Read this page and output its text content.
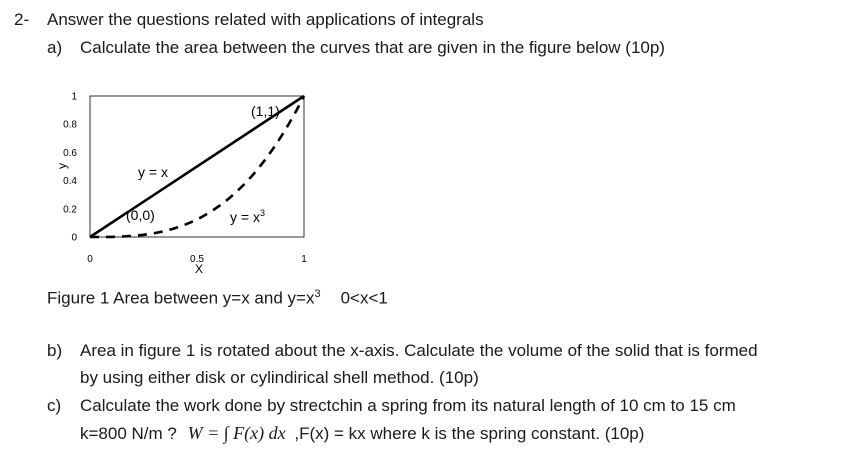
2- Answer the questions related with applications of integrals
a) Calculate the area between the curves that are given in the figure below (10p)
0
0.2
0.4
0.6
0.8
1
0	0.5	1
y
X
(1,1)
(0,0)
y = x
$y = x^3$
Figure 1 Area between y=x and $y=x^3$ 0<x<1
b) Area in figure 1 is rotated about the x-axis. Calculate the volume of the solid that is formed
by using either disk or cylindirical shell method. (10p)
c) Calculate the work done by strectchin a spring from its natural length of 10 cm to 15 cm
k=800 N/m ? W = ∫ F(x) dx ,F(x) = kx where k is the spring constant. (10p)
